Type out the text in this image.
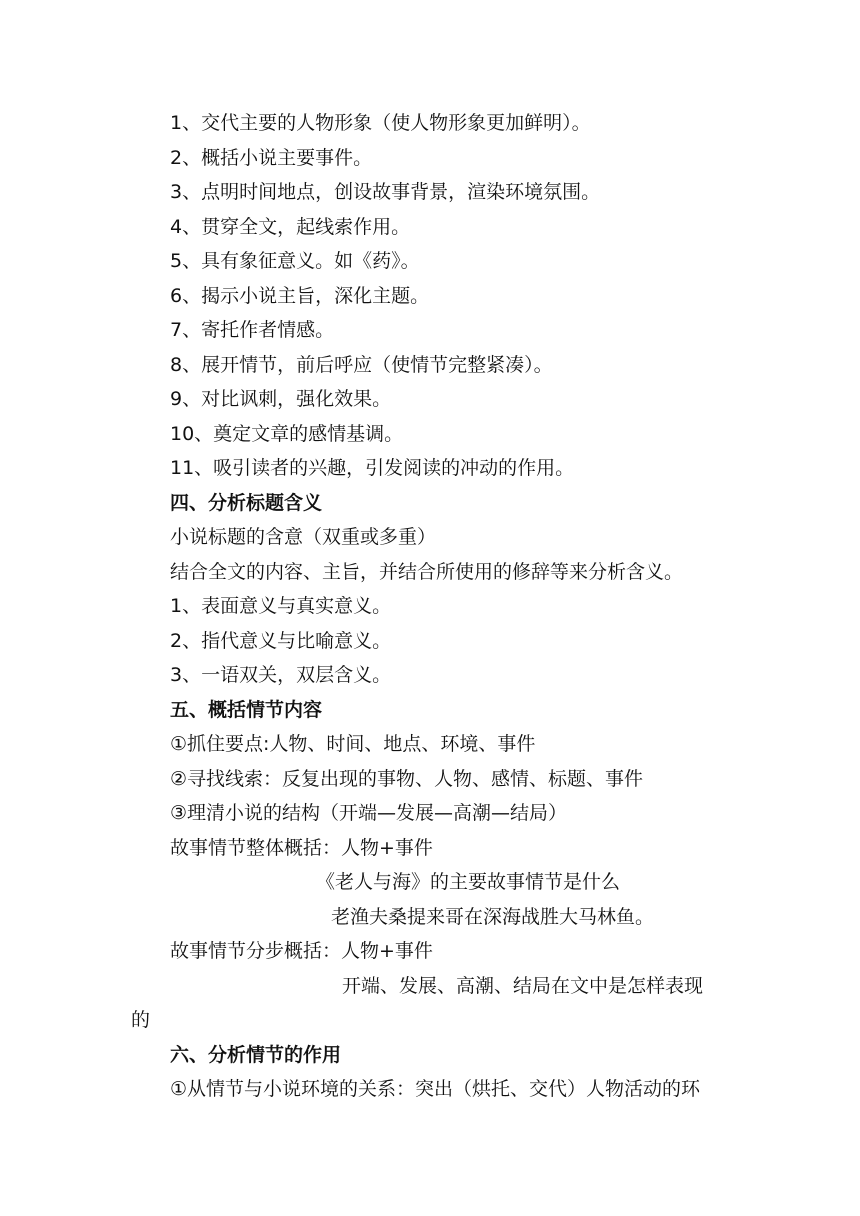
1、交代主要的人物形象（使人物形象更加鲜明）。
2、概括小说主要事件。
3、点明时间地点，创设故事背景，渲染环境氛围。
4、贯穿全文，起线索作用。
5、具有象征意义。如《药》。
6、揭示小说主旨，深化主题。
7、寄托作者情感。
8、展开情节，前后呼应（使情节完整紧凑）。
9、对比讽刺，强化效果。
10、奠定文章的感情基调。
11、吸引读者的兴趣，引发阅读的冲动的作用。
四、分析标题含义
小说标题的含意（双重或多重）
结合全文的内容、主旨，并结合所使用的修辞等来分析含义。
1、表面意义与真实意义。
2、指代意义与比喻意义。
3、一语双关，双层含义。
五、概括情节内容
①抓住要点:人物、时间、地点、环境、事件
②寻找线索：反复出现的事物、人物、感情、标题、事件
③理清小说的结构（开端—发展—高潮—结局）
故事情节整体概括：人物+事件
《老人与海》的主要故事情节是什么
老渔夫桑提来哥在深海战胜大马林鱼。
故事情节分步概括：人物+事件
开端、发展、高潮、结局在文中是怎样表现
的
六、分析情节的作用
①从情节与小说环境的关系：突出（烘托、交代）人物活动的环
